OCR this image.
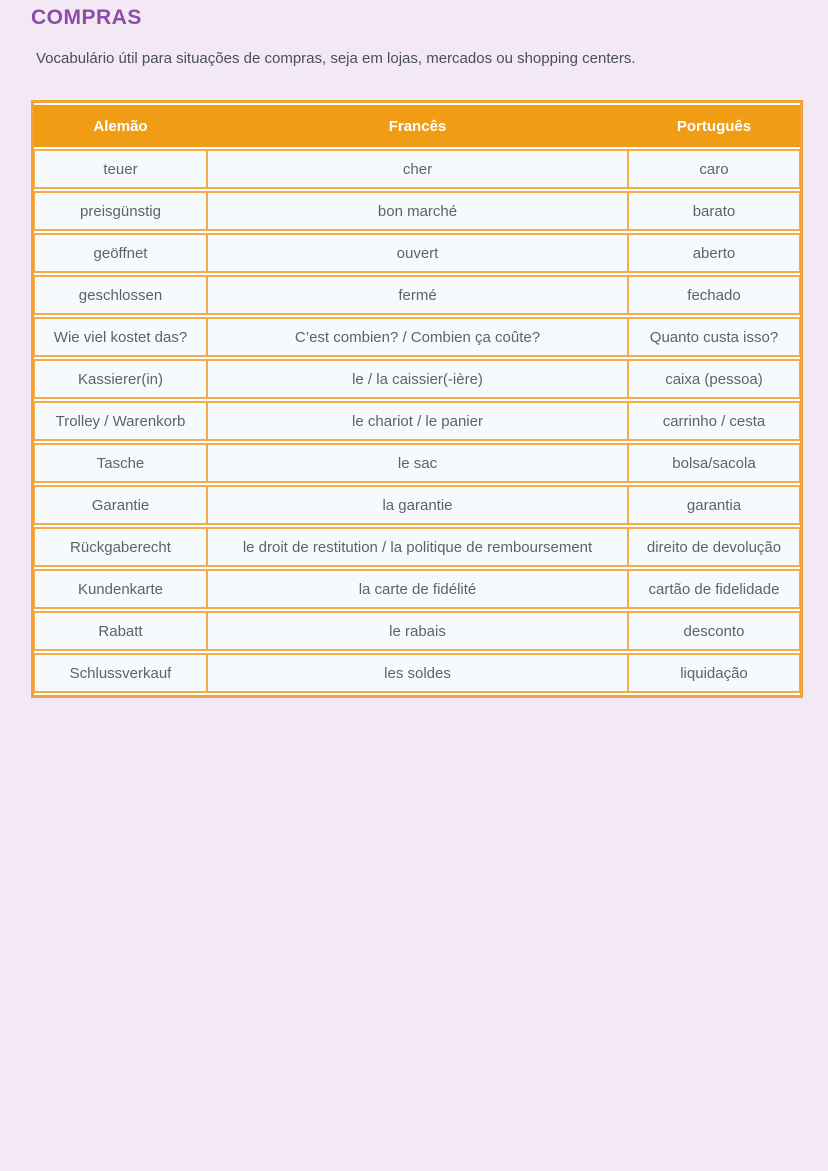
COMPRAS

Vocabulário útil para situações de compras, seja em lojas, mercados ou shopping centers.

Alemão	Francês	Português
teuer	cher	caro
preisgünstig	bon marché	barato
geöffnet	ouvert	aberto
geschlossen	fermé	fechado
Wie viel kostet das?	C’est combien? / Combien ça coûte?	Quanto custa isso?
Kassierer(in)	le / la caissier(-ière)	caixa (pessoa)
Trolley / Warenkorb	le chariot / le panier	carrinho / cesta
Tasche	le sac	bolsa/sacola
Garantie	la garantie	garantia
Rückgaberecht	le droit de restitution / la politique de remboursement	direito de devolução
Kundenkarte	la carte de fidélité	cartão de fidelidade
Rabatt	le rabais	desconto
Schlussverkauf	les soldes	liquidação
